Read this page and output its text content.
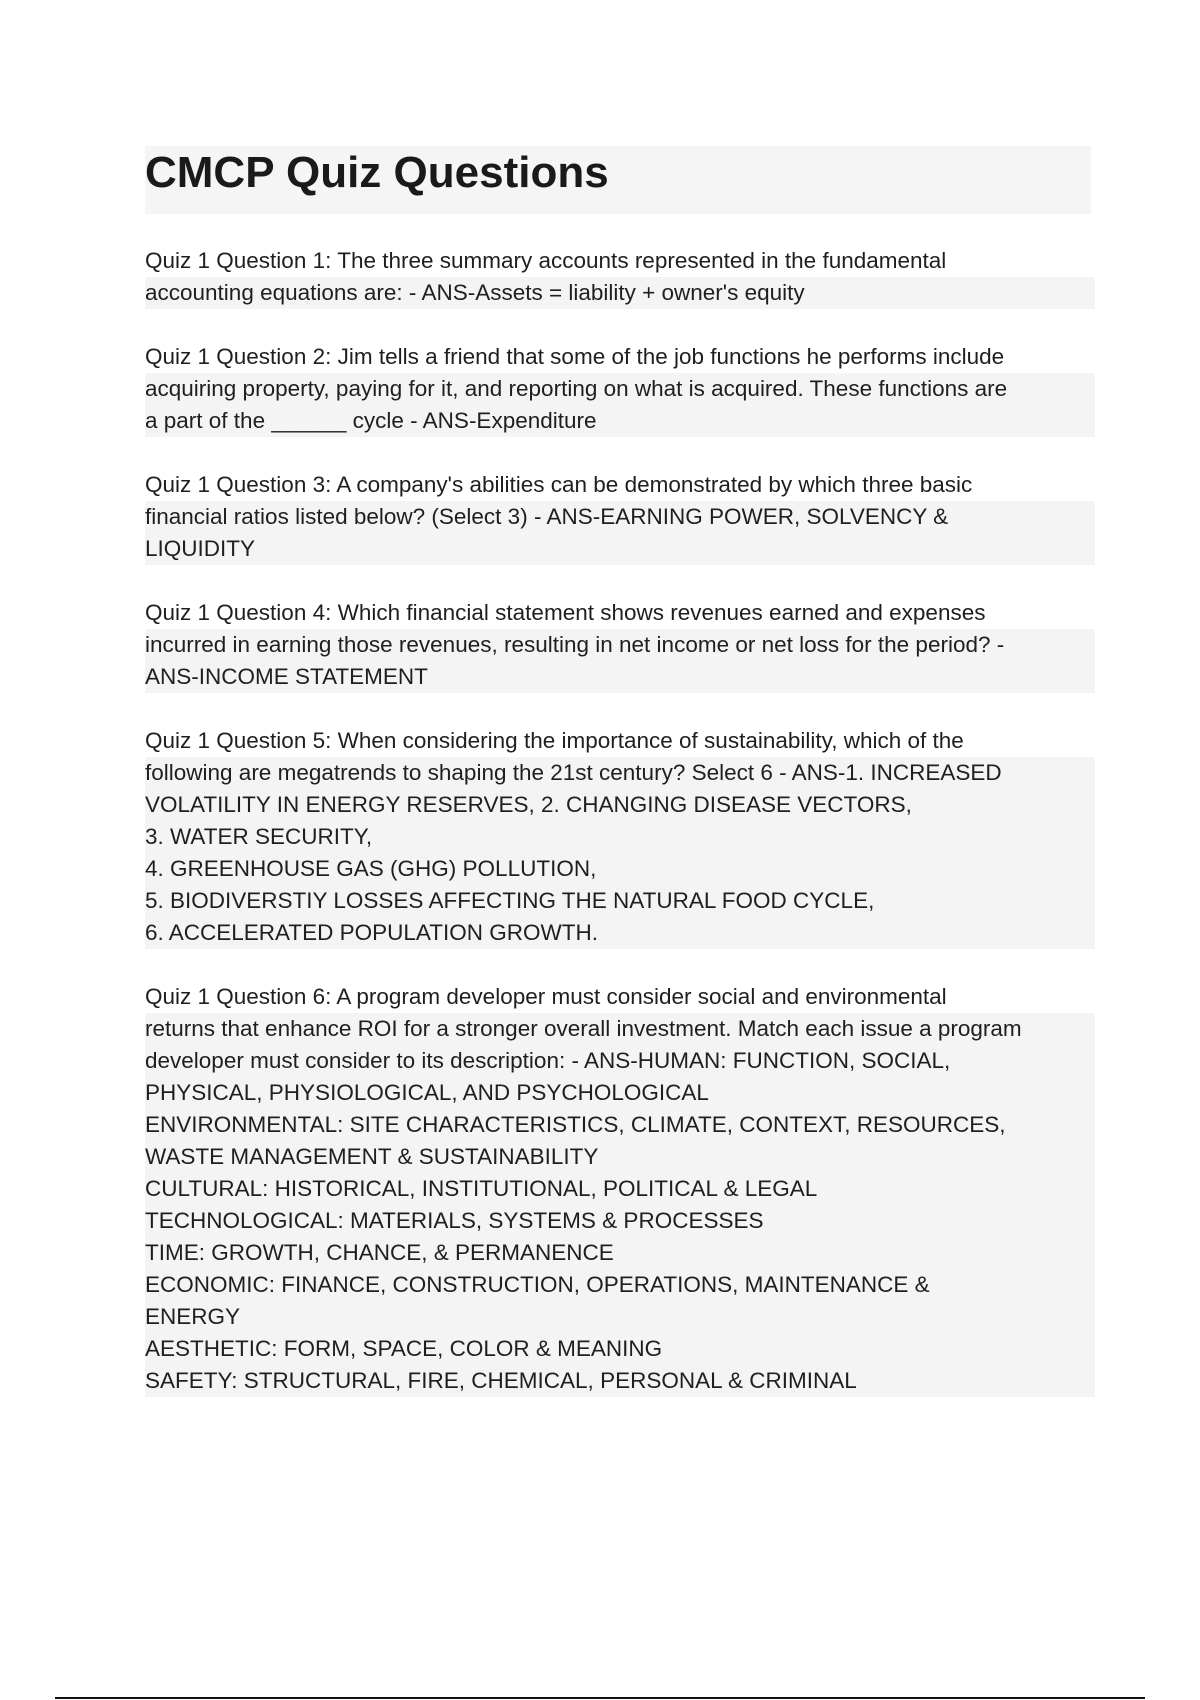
CMCP Quiz Questions

Quiz 1 Question 1: The three summary accounts represented in the fundamental
accounting equations are: - ANS-Assets = liability + owner's equity

Quiz 1 Question 2: Jim tells a friend that some of the job functions he performs include
acquiring property, paying for it, and reporting on what is acquired. These functions are
a part of the ______ cycle - ANS-Expenditure

Quiz 1 Question 3: A company's abilities can be demonstrated by which three basic
financial ratios listed below? (Select 3) - ANS-EARNING POWER, SOLVENCY &
LIQUIDITY

Quiz 1 Question 4: Which financial statement shows revenues earned and expenses
incurred in earning those revenues, resulting in net income or net loss for the period? -
ANS-INCOME STATEMENT

Quiz 1 Question 5: When considering the importance of sustainability, which of the
following are megatrends to shaping the 21st century? Select 6 - ANS-1. INCREASED
VOLATILITY IN ENERGY RESERVES, 2. CHANGING DISEASE VECTORS,
3. WATER SECURITY,
4. GREENHOUSE GAS (GHG) POLLUTION,
5. BIODIVERSTIY LOSSES AFFECTING THE NATURAL FOOD CYCLE,
6. ACCELERATED POPULATION GROWTH.

Quiz 1 Question 6: A program developer must consider social and environmental
returns that enhance ROI for a stronger overall investment. Match each issue a program
developer must consider to its description: - ANS-HUMAN: FUNCTION, SOCIAL,
PHYSICAL, PHYSIOLOGICAL, AND PSYCHOLOGICAL
ENVIRONMENTAL: SITE CHARACTERISTICS, CLIMATE, CONTEXT, RESOURCES,
WASTE MANAGEMENT & SUSTAINABILITY
CULTURAL: HISTORICAL, INSTITUTIONAL, POLITICAL & LEGAL
TECHNOLOGICAL: MATERIALS, SYSTEMS & PROCESSES
TIME: GROWTH, CHANCE, & PERMANENCE
ECONOMIC: FINANCE, CONSTRUCTION, OPERATIONS, MAINTENANCE &
ENERGY
AESTHETIC: FORM, SPACE, COLOR & MEANING
SAFETY: STRUCTURAL, FIRE, CHEMICAL, PERSONAL & CRIMINAL
